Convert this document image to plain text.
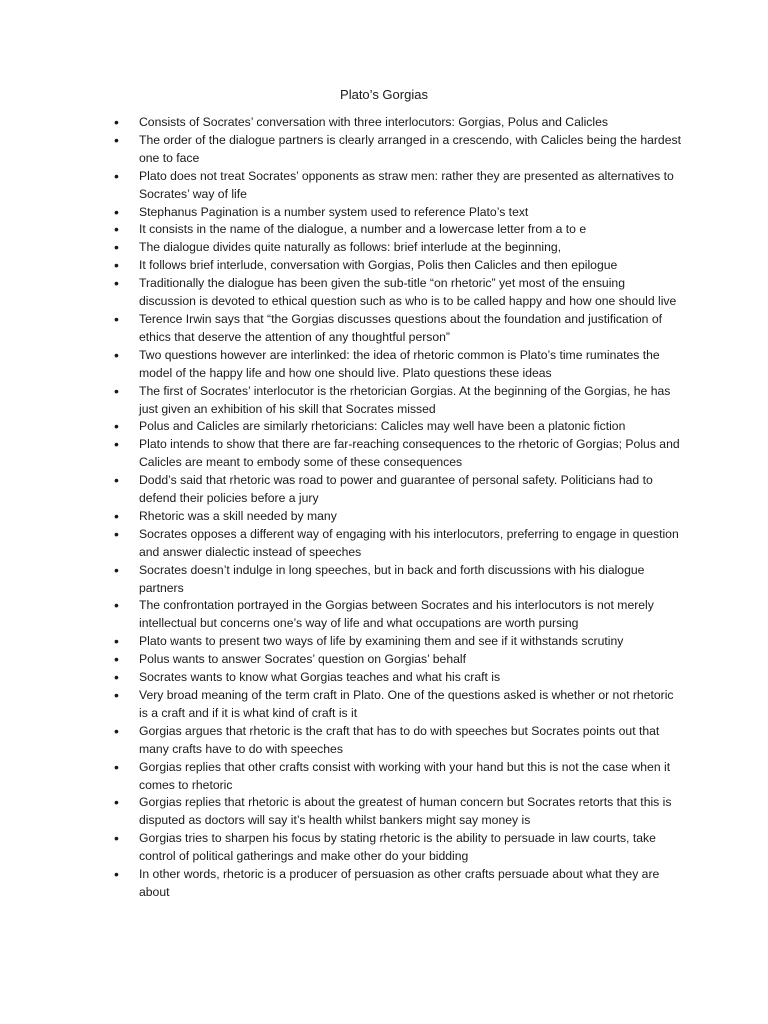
Plato’s Gorgias
• Consists of Socrates’ conversation with three interlocutors: Gorgias, Polus and Calicles
• The order of the dialogue partners is clearly arranged in a crescendo, with Calicles being the hardest one to face
• Plato does not treat Socrates’ opponents as straw men: rather they are presented as alternatives to Socrates’ way of life
• Stephanus Pagination is a number system used to reference Plato’s text
• It consists in the name of the dialogue, a number and a lowercase letter from a to e
• The dialogue divides quite naturally as follows: brief interlude at the beginning,
• It follows brief interlude, conversation with Gorgias, Polis then Calicles and then epilogue
• Traditionally the dialogue has been given the sub-title “on rhetoric” yet most of the ensuing discussion is devoted to ethical question such as who is to be called happy and how one should live
• Terence Irwin says that “the Gorgias discusses questions about the foundation and justification of ethics that deserve the attention of any thoughtful person”
• Two questions however are interlinked: the idea of rhetoric common is Plato’s time ruminates the model of the happy life and how one should live. Plato questions these ideas
• The first of Socrates’ interlocutor is the rhetorician Gorgias. At the beginning of the Gorgias, he has just given an exhibition of his skill that Socrates missed
• Polus and Calicles are similarly rhetoricians: Calicles may well have been a platonic fiction
• Plato intends to show that there are far-reaching consequences to the rhetoric of Gorgias; Polus and Calicles are meant to embody some of these consequences
• Dodd’s said that rhetoric was road to power and guarantee of personal safety. Politicians had to defend their policies before a jury
• Rhetoric was a skill needed by many
• Socrates opposes a different way of engaging with his interlocutors, preferring to engage in question and answer dialectic instead of speeches
• Socrates doesn’t indulge in long speeches, but in back and forth discussions with his dialogue partners
• The confrontation portrayed in the Gorgias between Socrates and his interlocutors is not merely intellectual but concerns one’s way of life and what occupations are worth pursing
• Plato wants to present two ways of life by examining them and see if it withstands scrutiny
• Polus wants to answer Socrates’ question on Gorgias’ behalf
• Socrates wants to know what Gorgias teaches and what his craft is
• Very broad meaning of the term craft in Plato. One of the questions asked is whether or not rhetoric is a craft and if it is what kind of craft is it
• Gorgias argues that rhetoric is the craft that has to do with speeches but Socrates points out that many crafts have to do with speeches
• Gorgias replies that other crafts consist with working with your hand but this is not the case when it comes to rhetoric
• Gorgias replies that rhetoric is about the greatest of human concern but Socrates retorts that this is disputed as doctors will say it’s health whilst bankers might say money is
• Gorgias tries to sharpen his focus by stating rhetoric is the ability to persuade in law courts, take control of political gatherings and make other do your bidding
• In other words, rhetoric is a producer of persuasion as other crafts persuade about what they are about
